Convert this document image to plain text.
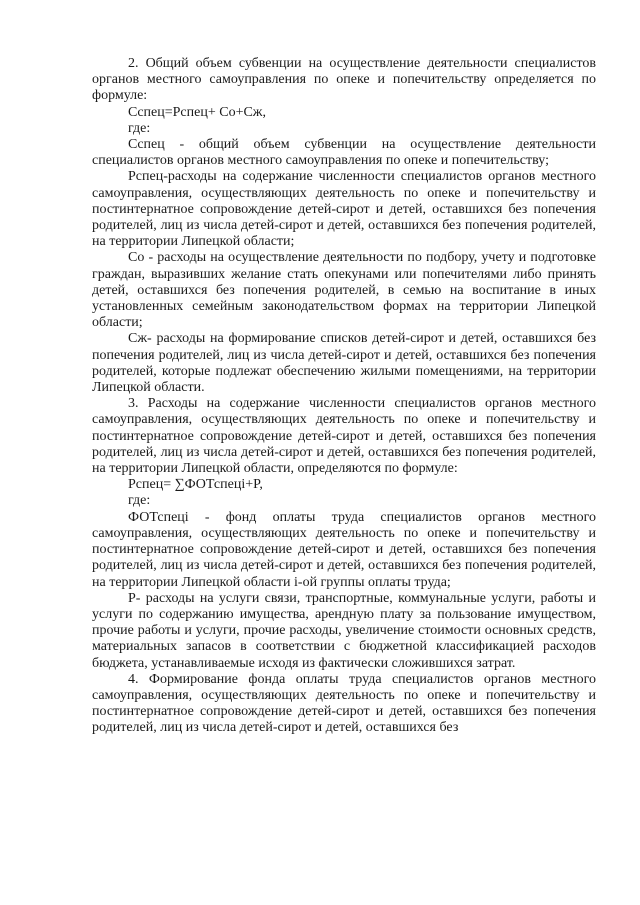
2. Общий объем субвенции на осуществление деятельности специалистов органов местного самоуправления по опеке и попечительству определяется по формуле:

Cспец=Pспец+ Cо+Cж,

где:

Cспец - общий объем субвенции на осуществление деятельности специалистов органов местного самоуправления по опеке и попечительству;

Pспец-расходы на содержание численности специалистов органов местного самоуправления, осуществляющих деятельность по опеке и попечительству и постинтернатное сопровождение детей-сирот и детей, оставшихся без попечения родителей, лиц из числа детей-сирот и детей, оставшихся без попечения родителей, на территории Липецкой области;

Cо - расходы на осуществление деятельности по подбору, учету и подготовке граждан, выразивших желание стать опекунами или попечителями либо принять детей, оставшихся без попечения родителей, в семью на воспитание в иных установленных семейным законодательством формах на территории Липецкой области;

Cж- расходы на формирование списков детей-сирот и детей, оставшихся без попечения родителей, лиц из числа детей-сирот и детей, оставшихся без попечения родителей, которые подлежат обеспечению жилыми помещениями, на территории Липецкой области.

3. Расходы на содержание численности специалистов органов местного самоуправления, осуществляющих деятельность по опеке и попечительству и постинтернатное сопровождение детей-сирот и детей, оставшихся без попечения родителей, лиц из числа детей-сирот и детей, оставшихся без попечения родителей, на территории Липецкой области, определяются по формуле:

Pспец= ∑ФОТспецi+P,

где:

ФОТспецi - фонд оплаты труда специалистов органов местного самоуправления, осуществляющих деятельность по опеке и попечительству и постинтернатное сопровождение детей-сирот и детей, оставшихся без попечения родителей, лиц из числа детей-сирот и детей, оставшихся без попечения родителей, на территории Липецкой области i-ой группы оплаты труда;

P- расходы на услуги связи, транспортные, коммунальные услуги, работы и услуги по содержанию имущества, арендную плату за пользование имуществом, прочие работы и услуги, прочие расходы, увеличение стоимости основных средств, материальных запасов в соответствии с бюджетной классификацией расходов бюджета, устанавливаемые исходя из фактически сложившихся затрат.

4. Формирование фонда оплаты труда специалистов органов местного самоуправления, осуществляющих деятельность по опеке и попечительству и постинтернатное сопровождение детей-сирот и детей, оставшихся без попечения родителей, лиц из числа детей-сирот и детей, оставшихся без
